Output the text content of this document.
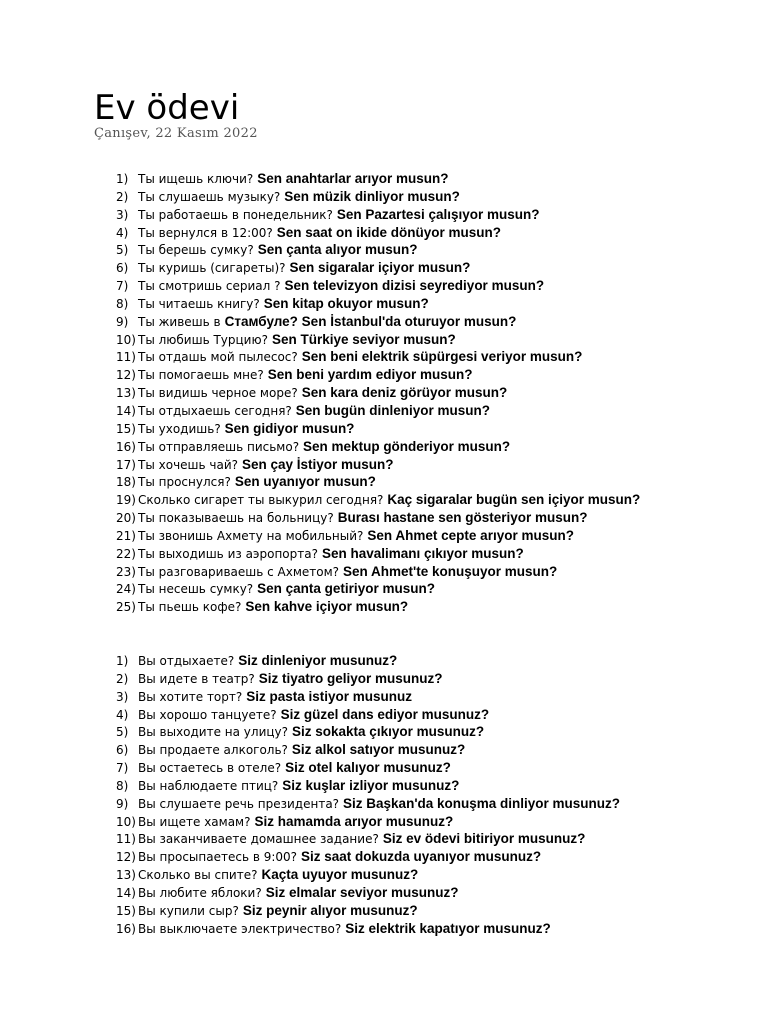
Ev ödevi
Çanışev, 22 Kasım 2022
1) Ты ищешь ключи? Sen anahtarlar arıyor musun?
2) Ты слушаешь музыку? Sen müzik dinliyor musun?
3) Ты работаешь в понедельник? Sen Pazartesi çalışıyor musun?
4) Ты вернулся в 12:00? Sen saat on ikide dönüyor musun?
5) Ты берешь сумку? Sen çanta alıyor musun?
6) Ты куришь (сигареты)? Sen sigaralar içiyor musun?
7) Ты смотришь сериал ? Sen televizyon dizisi seyrediyor musun?
8) Ты читаешь книгу? Sen kitap okuyor musun?
9) Ты живешь в Стамбуле? Sen İstanbul'da oturuyor musun?
10) Ты любишь Турцию? Sen Türkiye seviyor musun?
11) Ты отдашь мой пылесос? Sen beni elektrik süpürgesi veriyor musun?
12) Ты помогаешь мне? Sen beni yardım ediyor musun?
13) Ты видишь черное море? Sen kara deniz görüyor musun?
14) Ты отдыхаешь сегодня? Sen bugün dinleniyor musun?
15) Ты уходишь? Sen gidiyor musun?
16) Ты отправляешь письмо? Sen mektup gönderiyor musun?
17) Ты хочешь чай? Sen çay İstiyor musun?
18) Ты проснулся? Sen uyanıyor musun?
19) Сколько сигарет ты выкурил сегодня? Kaç sigaralar bugün sen içiyor musun?
20) Ты показываешь на больницу? Burası hastane sen gösteriyor musun?
21) Ты звонишь Ахмету на мобильный? Sen Ahmet cepte arıyor musun?
22) Ты выходишь из аэропорта? Sen havalimanı çıkıyor musun?
23) Ты разговариваешь с Ахметом? Sen Ahmet'te konuşuyor musun?
24) Ты несешь сумку? Sen çanta getiriyor musun?
25) Ты пьешь кофе? Sen kahve içiyor musun?
1) Вы отдыхаете? Siz dinleniyor musunuz?
2) Вы идете в театр? Siz tiyatro geliyor musunuz?
3) Вы хотите торт? Siz pasta istiyor musunuz
4) Вы хорошо танцуете? Siz güzel dans ediyor musunuz?
5) Вы выходите на улицу? Siz sokakta çıkıyor musunuz?
6) Вы продаете алкоголь? Siz alkol satıyor musunuz?
7) Вы остаетесь в отеле? Siz otel kalıyor musunuz?
8) Вы наблюдаете птиц? Siz kuşlar izliyor musunuz?
9) Вы слушаете речь президента? Siz Başkan'da konuşma dinliyor musunuz?
10) Вы ищете хамам? Siz hamamda arıyor musunuz?
11) Вы заканчиваете домашнее задание? Siz ev ödevi bitiriyor musunuz?
12) Вы просыпаетесь в 9:00? Siz saat dokuzda uyanıyor musunuz?
13) Сколько вы спите? Kaçta uyuyor musunuz?
14) Вы любите яблоки? Siz elmalar seviyor musunuz?
15) Вы купили сыр? Siz peynir alıyor musunuz?
16) Вы выключаете электричество? Siz elektrik kapatıyor musunuz?
